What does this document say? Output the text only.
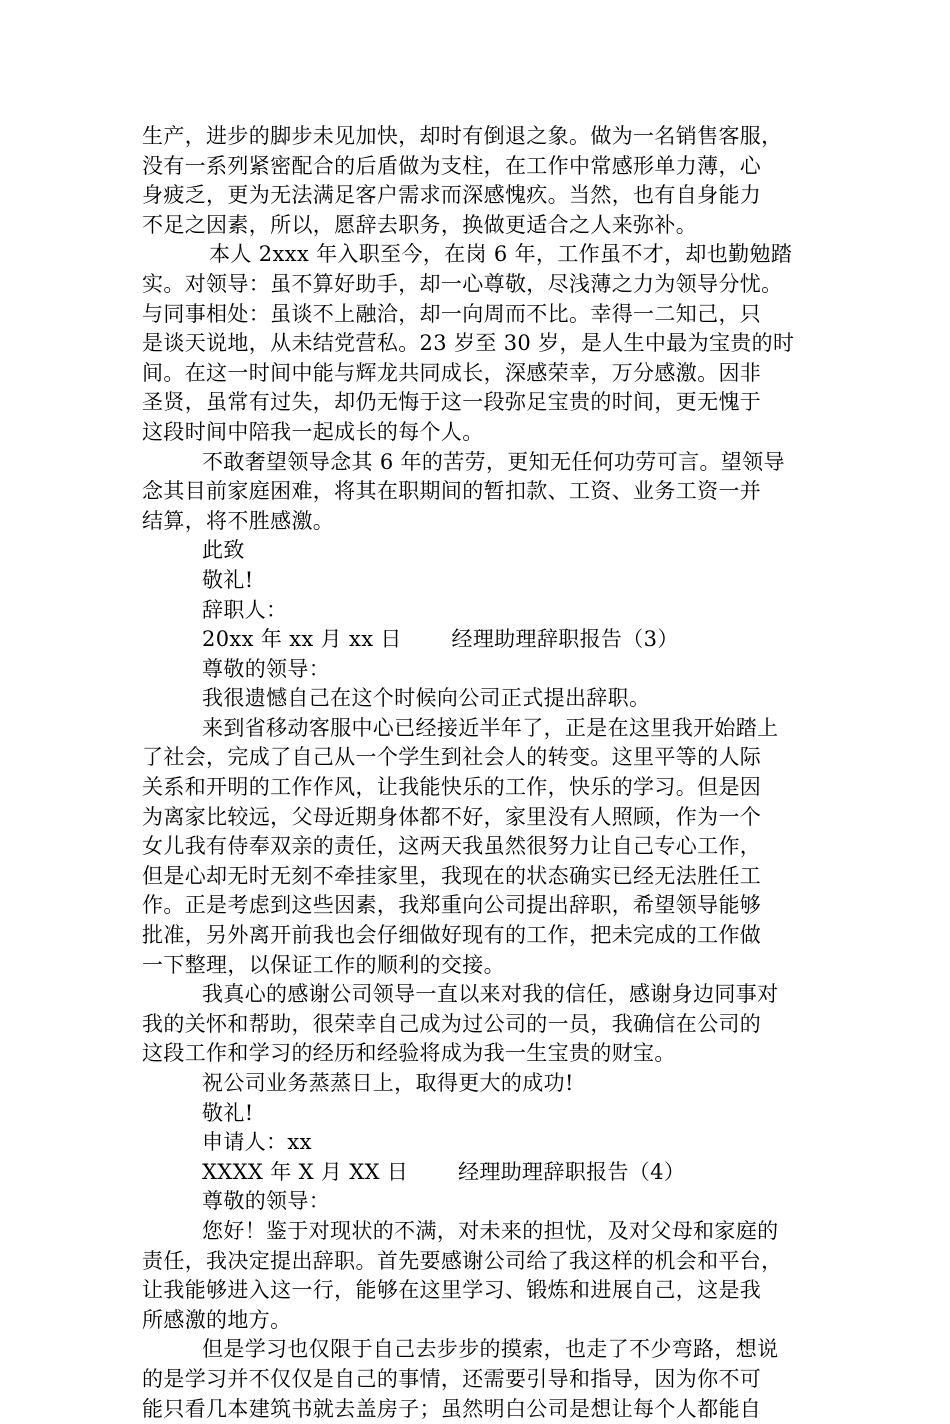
生产，进步的脚步未见加快，却时有倒退之象。做为一名销售客服，
没有一系列紧密配合的后盾做为支柱，在工作中常感形单力薄，心
身疲乏，更为无法满足客户需求而深感愧疚。当然，也有自身能力
不足之因素，所以，愿辞去职务，换做更适合之人来弥补。
本人 2xxx 年入职至今，在岗 6 年，工作虽不才，却也勤勉踏
实。对领导：虽不算好助手，却一心尊敬，尽浅薄之力为领导分忧。
与同事相处：虽谈不上融洽，却一向周而不比。幸得一二知己，只
是谈天说地，从未结党营私。23 岁至 30 岁，是人生中最为宝贵的时
间。在这一时间中能与辉龙共同成长，深感荣幸，万分感激。因非
圣贤，虽常有过失，却仍无悔于这一段弥足宝贵的时间，更无愧于
这段时间中陪我一起成长的每个人。
不敢奢望领导念其 6 年的苦劳，更知无任何功劳可言。望领导
念其目前家庭困难，将其在职期间的暂扣款、工资、业务工资一并
结算，将不胜感激。
此致
敬礼!
辞职人：
20xx 年 xx 月 xx 日　　 经理助理辞职报告（3）
尊敬的领导：
我很遗憾自己在这个时候向公司正式提出辞职。
来到省移动客服中心已经接近半年了，正是在这里我开始踏上
了社会，完成了自己从一个学生到社会人的转变。这里平等的人际
关系和开明的工作作风，让我能快乐的工作，快乐的学习。但是因
为离家比较远，父母近期身体都不好，家里没有人照顾，作为一个
女儿我有侍奉双亲的责任，这两天我虽然很努力让自己专心工作，
但是心却无时无刻不牵挂家里，我现在的状态确实已经无法胜任工
作。正是考虑到这些因素，我郑重向公司提出辞职，希望领导能够
批准，另外离开前我也会仔细做好现有的工作，把未完成的工作做
一下整理，以保证工作的顺利的交接。
我真心的感谢公司领导一直以来对我的信任，感谢身边同事对
我的关怀和帮助，很荣幸自己成为过公司的一员，我确信在公司的
这段工作和学习的经历和经验将成为我一生宝贵的财宝。
祝公司业务蒸蒸日上，取得更大的成功!
敬礼!
申请人：xx
XXXX 年 X 月 XX 日　　 经理助理辞职报告（4）
尊敬的领导：
您好！鉴于对现状的不满，对未来的担忧，及对父母和家庭的
责任，我决定提出辞职。首先要感谢公司给了我这样的机会和平台，
让我能够进入这一行，能够在这里学习、锻炼和进展自己，这是我
所感激的地方。
但是学习也仅限于自己去步步的摸索，也走了不少弯路，想说
的是学习并不仅仅是自己的事情，还需要引导和指导，因为你不可
能只看几本建筑书就去盖房子；虽然明白公司是想让每个人都能自
